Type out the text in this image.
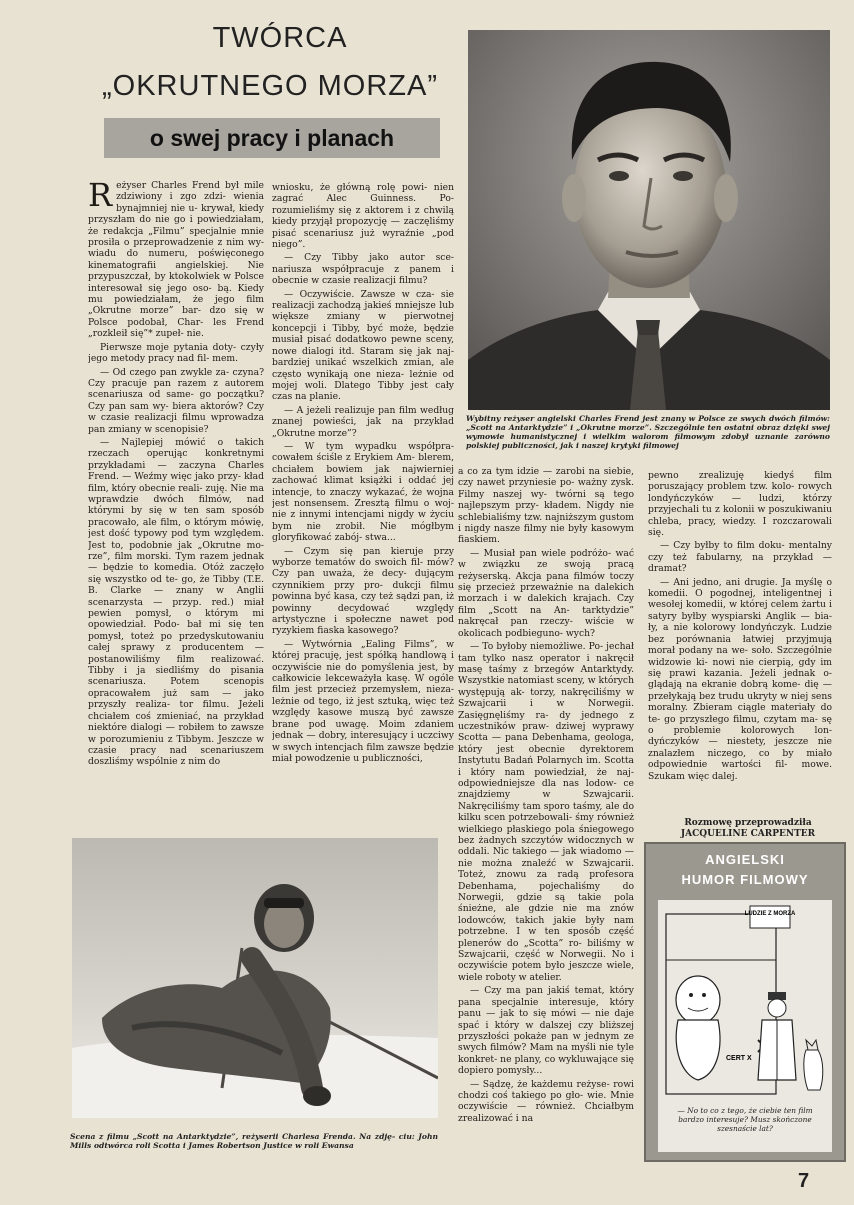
TWÓRCA
„OKRUTNEGO MORZA”
o swej pracy i planach

Reżyser Charles Frend był mile zdziwiony i zgo zdzi- wienia bynajmniej nie u- krywał, kiedy przyszłam do nie go i powiedziałam, że redakcja „Filmu” specjalnie mnie prosiła o przeprowadzenie z nim wy- wiadu do numeru, poświęconego kinematografii angielskiej. Nie przypuszczał, by ktokolwiek w Polsce interesował się jego oso- bą. Kiedy mu powiedziałam, że jego film „Okrutne morze” bar- dzo się w Polsce podobał, Char- les Frend „rozkleił się”* zupeł- nie.

Pierwsze moje pytania doty- czyły jego metody pracy nad fil- mem.

— Od czego pan zwykle za- czyna? Czy pracuje pan razem z autorem scenariusza od same- go początku? Czy pan sam wy- biera aktorów? Czy w czasie realizacji filmu wprowadza pan zmiany w scenopisie?

— Najlepiej mówić o takich rzeczach operując konkretnymi przykładami — zaczyna Charles Frend. — Weźmy więc jako przy- kład film, który obecnie reali- zuję. Nie ma wprawdzie dwóch filmów, nad którymi by się w ten sam sposób pracowało, ale film, o którym mówię, jest dość typowy pod tym względem. Jest to, podobnie jak „Okrutne mo- rze”, film morski. Tym razem jednak — będzie to komedia. Otóż zaczęło się wszystko od te- go, że Tibby (T.E. B. Clarke — znany w Anglii scenarzysta — przyp. red.) miał pewien pomysł, o którym mi opowiedział. Podo- bał mi się ten pomysł, toteż po przedyskutowaniu całej sprawy z producentem — postanowiliśmy film realizować. Tibby i ja siedliśmy do pisania scenariusza. Potem scenopis opracowałem już sam — jako przyszły realiza- tor filmu. Jeżeli chciałem coś zmieniać, na przykład niektóre dialogi — robiłem to zawsze w porozumieniu z Tibbym. Jeszcze w czasie pracy nad scenariuszem doszliśmy wspólnie z nim do

wniosku, że główną rolę powi- nien zagrać Alec Guinness. Po- rozumieliśmy się z aktorem i z chwilą kiedy przyjął propozycję — zaczęliśmy pisać scenariusz już wyraźnie „pod niego”.

— Czy Tibby jako autor sce- nariusza współpracuje z panem i obecnie w czasie realizacji filmu?

— Oczywiście. Zawsze w cza- sie realizacji zachodzą jakieś mniejsze lub większe zmiany w pierwotnej koncepcji i Tibby, być może, będzie musiał pisać dodatkowo pewne sceny, nowe dialogi itd. Staram się jak naj- bardziej unikać wszelkich zmian, ale często wynikają one nieza- leżnie od mojej woli. Dlatego Tibby jest cały czas na planie.

— A jeżeli realizuje pan film według znanej powieści, jak na przykład „Okrutne morze”?

— W tym wypadku współpra- cowałem ściśle z Erykiem Am- blerem, chciałem bowiem jak najwierniej zachować klimat książki i oddać jej intencje, to znaczy wykazać, że wojna jest nonsensem. Zresztą filmu o woj- nie z innymi intencjami nigdy w życiu bym nie zrobił. Nie mógłbym gloryfikować zabój- stwa...

— Czym się pan kieruje przy wyborze tematów do swoich fil- mów? Czy pan uważa, że decy- dującym czynnikiem przy pro- dukcji filmu powinna być kasa, czy też sądzi pan, iż powinny decydować względy artystyczne i społeczne nawet pod ryzykiem fiaska kasowego?

— Wytwórnia „Ealing Films”, w której pracuję, jest spółką handlową i oczywiście nie do pomyślenia jest, by całkowicie lekceważyła kasę. W ogóle film jest przecież przemysłem, nieza- leżnie od tego, iż jest sztuką, więc też względy kasowe muszą być zawsze brane pod uwagę. Moim zdaniem jednak — dobry, interesujący i uczciwy w swych intencjach film zawsze będzie miał powodzenie u publiczności,

Wybitny reżyser angielski Charles Frend jest znany w Polsce ze swych dwóch filmów: „Scott na Antarktydzie” i „Okrutne morze”. Szczególnie ten ostatni obraz dzięki swej wymowie humanistycznej i wielkim walorom filmowym zdobył uznanie zarówno polskiej publiczności, jak i naszej krytyki filmowej

a co za tym idzie — zarobi na siebie, czy nawet przyniesie po- ważny zysk. Filmy naszej wy- twórni są tego najlepszym przy- kładem. Nigdy nie schlebialiśmy tzw. najniższym gustom i nigdy nasze filmy nie były kasowym fiaskiem.

— Musiał pan wiele podróżo- wać w związku ze swoją pracą reżyserską. Akcja pana filmów toczy się przecież przeważnie na dalekich morzach i w dalekich krajach. Czy film „Scott na An- tarktydzie” nakręcał pan rzeczy- wiście w okolicach podbieguno- wych?

— To byłoby niemożliwe. Po- jechał tam tylko nasz operator i nakręcił masę taśmy z brzegów Antarktydy. Wszystkie natomiast sceny, w których występują ak- torzy, nakręciliśmy w Szwajcarii i w Norwegii. Zasięgnęliśmy ra- dy jednego z uczestników praw- dziwej wyprawy Scotta — pana Debenhama, geologa, który jest obecnie dyrektorem Instytutu Badań Polarnych im. Scotta i który nam powiedział, że naj- odpowiedniejsze dla nas lodow- ce znajdziemy w Szwajcarii. Nakręciliśmy tam sporo taśmy, ale do kilku scen potrzebowali- śmy również wielkiego płaskiego pola śniegowego bez żadnych szczytów widocznych w oddali. Nic takiego — jak wiadomo — nie można znaleźć w Szwajcarii. Toteż, znowu za radą profesora Debenhama, pojechaliśmy do Norwegii, gdzie są takie pola śnieżne, ale gdzie nie ma znów lodowców, takich jakie były nam potrzebne. I w ten sposób część plenerów do „Scotta” ro- biliśmy w Szwajcarii, część w Norwegii. No i oczywiście potem było jeszcze wiele, wiele roboty w atelier.

— Czy ma pan jakiś temat, który pana specjalnie interesuje, który panu — jak to się mówi — nie daje spać i który w dalszej czy bliższej przyszłości pokaże pan w jednym ze swych filmów? Mam na myśli nie tyle konkret- ne plany, co wykluwające się dopiero pomysły...

— Sądzę, że każdemu reżyse- rowi chodzi coś takiego po gło- wie. Mnie oczywiście — również. Chciałbym zrealizować i na

pewno zrealizuję kiedyś film poruszający problem tzw. kolo- rowych londyńczyków — ludzi, którzy przyjechali tu z kolonii w poszukiwaniu chleba, pracy, wiedzy. I rozczarowali się.

— Czy byłby to film doku- mentalny czy też fabularny, na przykład — dramat?

— Ani jedno, ani drugie. Ja myślę o komedii. O pogodnej, inteligentnej i wesołej komedii, w której celem żartu i satyry byłby wyspiarski Anglik — bia- ły, a nie kolorowy londyńczyk. Ludzie bez porównania łatwiej przyjmują morał podany na we- soło. Szczególnie widzowie ki- nowi nie cierpią, gdy im się prawi kazania. Jeżeli jednak o- glądają na ekranie dobrą kome- dię — przełykają bez trudu ukryty w niej sens moralny. Zbieram ciągle materiały do te- go przyszłego filmu, czytam ma- sę o problemie kolorowych lon- dyńczyków — niestety, jeszcze nie znalazłem niczego, co by miało odpowiednie wartości fil- mowe. Szukam więc dalej.

Rozmowę przeprowadziła
JACQUELINE CARPENTER
Scena z filmu „Scott na Antarktydzie”, reżyserii Charlesa Frenda. Na zdję- ciu: John Mills odtwórca roli Scotta i James Robertson Justice w roli Ewansa
ANGIELSKI
HUMOR FILMOWY
LUDZIE Z MORZA
CERT X
— No to co z tego, że ciebie ten film bardzo interesuje? Musz skończone szesnaście lat?
7
